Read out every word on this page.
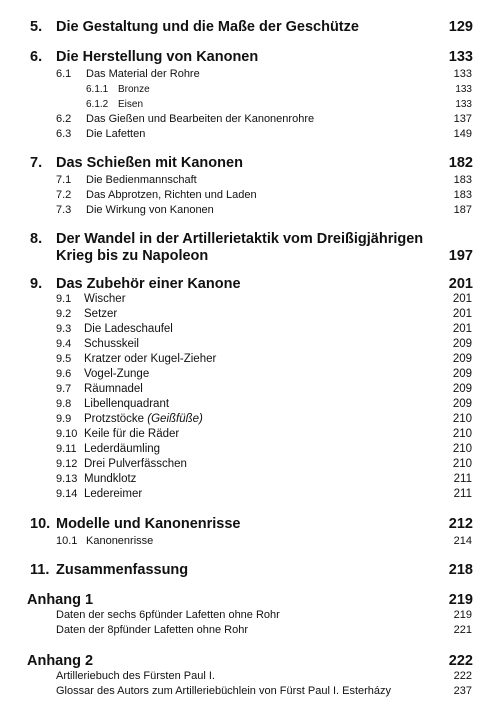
5. Die Gestaltung und die Maße der Geschütze	129
6. Die Herstellung von Kanonen	133
6.1 Das Material der Rohre	133
6.1.1 Bronze	133
6.1.2 Eisen	133
6.2 Das Gießen und Bearbeiten der Kanonenrohre	137
6.3 Die Lafetten	149
7. Das Schießen mit Kanonen	182
7.1 Die Bedienmannschaft	183
7.2 Das Abprotzen, Richten und Laden	183
7.3 Die Wirkung von Kanonen	187
8. Der Wandel in der Artillerietaktik vom Dreißigjährigen
Krieg bis zu Napoleon	197
9. Das Zubehör einer Kanone	201
9.1 Wischer	201
9.2 Setzer	201
9.3 Die Ladeschaufel	201
9.4 Schusskeil	209
9.5 Kratzer oder Kugel-Zieher	209
9.6 Vogel-Zunge	209
9.7 Räumnadel	209
9.8 Libellenquadrant	209
9.9 Protzstöcke (Geißfüße)	210
9.10 Keile für die Räder	210
9.11 Lederdäumling	210
9.12 Drei Pulverfässchen	210
9.13 Mundklotz	211
9.14 Ledereimer	211
10. Modelle und Kanonenrisse	212
10.1 Kanonenrisse	214
11. Zusammenfassung	218
Anhang 1	219
Daten der sechs 6pfünder Lafetten ohne Rohr	219
Daten der 8pfünder Lafetten ohne Rohr	221
Anhang 2	222
Artilleriebuch des Fürsten Paul I.	222
Glossar des Autors zum Artilleriebüchlein von Fürst Paul I. Esterházy	237
